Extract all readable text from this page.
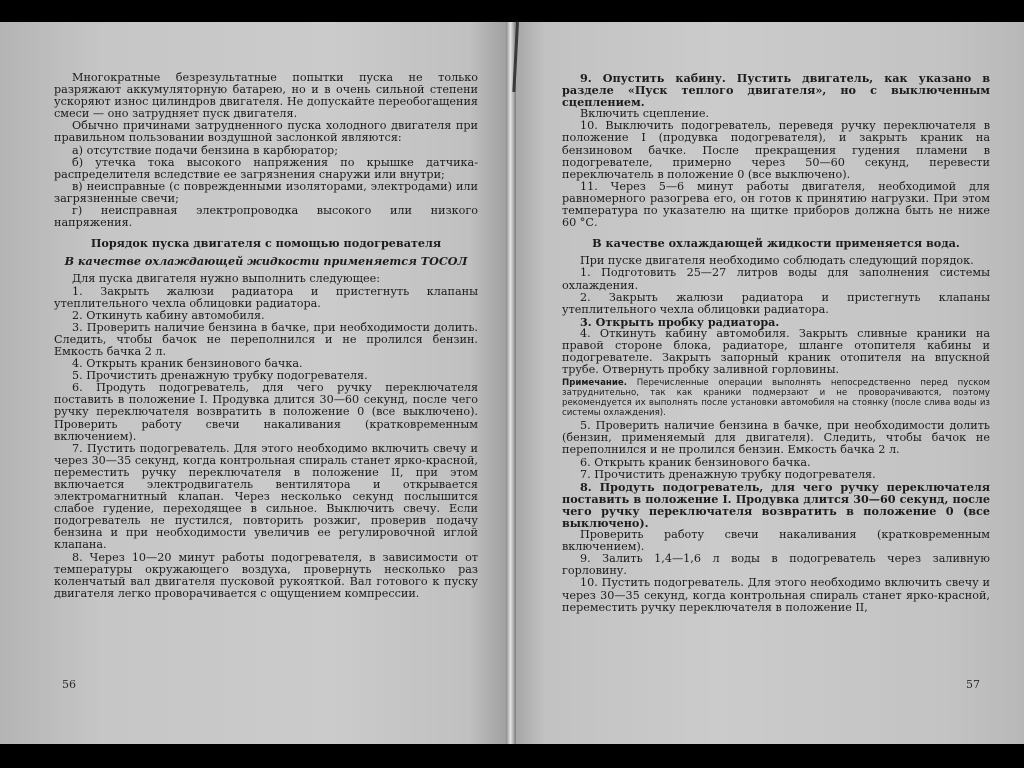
Многократные безрезультатные попытки пуска не только разряжают аккумуляторную батарею, но и в очень сильной степени ускоряют износ цилиндров двигателя. Не допускайте переобогащения смеси — оно затрудняет пуск двигателя.

Обычно причинами затрудненного пуска холодного двигателя при правильном пользовании воздушной заслонкой являются:

а) отсутствие подачи бензина в карбюратор;

б) утечка тока высокого напряжения по крышке датчика-распределителя вследствие ее загрязнения снаружи или внутри;

в) неисправные (с поврежденными изоляторами, электродами) или загрязненные свечи;

г) неисправная электропроводка высокого или низкого напряжения.

Порядок пуска двигателя с помощью подогревателя

В качестве охлаждающей жидкости применяется ТОСОЛ

Для пуска двигателя нужно выполнить следующее:

1. Закрыть жалюзи радиатора и пристегнуть клапаны утеплительного чехла облицовки радиатора.

2. Откинуть кабину автомобиля.

3. Проверить наличие бензина в бачке, при необходимости долить. Следить, чтобы бачок не переполнился и не пролился бензин. Емкость бачка 2 л.

4. Открыть краник бензинового бачка.

5. Прочистить дренажную трубку подогревателя.

6. Продуть подогреватель, для чего ручку переключателя поставить в положение I. Продувка длится 30—60 секунд, после чего ручку переключателя возвратить в положение 0 (все выключено). Проверить работу свечи накаливания (кратковременным включением).

7. Пустить подогреватель. Для этого необходимо включить свечу и через 30—35 секунд, когда контрольная спираль станет ярко-красной, переместить ручку переключателя в положение II, при этом включается электродвигатель вентилятора и открывается электромагнитный клапан. Через несколько секунд послышится слабое гудение, переходящее в сильное. Выключить свечу. Если подогреватель не пустился, повторить розжиг, проверив подачу бензина и при необходимости увеличив ее регулировочной иглой клапана.

8. Через 10—20 минут работы подогревателя, в зависимости от температуры окружающего воздуха, провернуть несколько раз коленчатый вал двигателя пусковой рукояткой. Вал готового к пуску двигателя легко проворачивается с ощущением компрессии.

9. Опустить кабину. Пустить двигатель, как указано в разделе «Пуск теплого двигателя», но с выключенным сцеплением.

Включить сцепление.

10. Выключить подогреватель, переведя ручку переключателя в положение I (продувка подогревателя), и закрыть краник на бензиновом бачке. После прекращения гудения пламени в подогревателе, примерно через 50—60 секунд, перевести переключатель в положение 0 (все выключено).

11. Через 5—6 минут работы двигателя, необходимой для равномерного разогрева его, он готов к принятию нагрузки. При этом температура по указателю на щитке приборов должна быть не ниже 60 °С.

В качестве охлаждающей жидкости применяется вода.

При пуске двигателя необходимо соблюдать следующий порядок.

1. Подготовить 25—27 литров воды для заполнения системы охлаждения.

2. Закрыть жалюзи радиатора и пристегнуть клапаны утеплительного чехла облицовки радиатора.

3. Открыть пробку радиатора.

4. Откинуть кабину автомобиля. Закрыть сливные краники на правой стороне блока, радиаторе, шланге отопителя кабины и подогревателе. Закрыть запорный краник отопителя на впускной трубе. Отвернуть пробку заливной горловины.

Примечание. Перечисленные операции выполнять непосредственно перед пуском затруднительно, так как краники подмерзают и не проворачиваются, поэтому рекомендуется их выполнять после установки автомобиля на стоянку (после слива воды из системы охлаждения).

5. Проверить наличие бензина в бачке, при необходимости долить (бензин, применяемый для двигателя). Следить, чтобы бачок не переполнился и не пролился бензин. Емкость бачка 2 л.

6. Открыть краник бензинового бачка.

7. Прочистить дренажную трубку подогревателя.

8. Продуть подогреватель, для чего ручку переключателя поставить в положение I. Продувка длится 30—60 секунд, после чего ручку переключателя возвратить в положение 0 (все выключено).

Проверить работу свечи накаливания (кратковременным включением).

9. Залить 1,4—1,6 л воды в подогреватель через заливную горловину.

10. Пустить подогреватель. Для этого необходимо включить свечу и через 30—35 секунд, когда контрольная спираль станет ярко-красной, переместить ручку переключателя в положение II,

56	57
